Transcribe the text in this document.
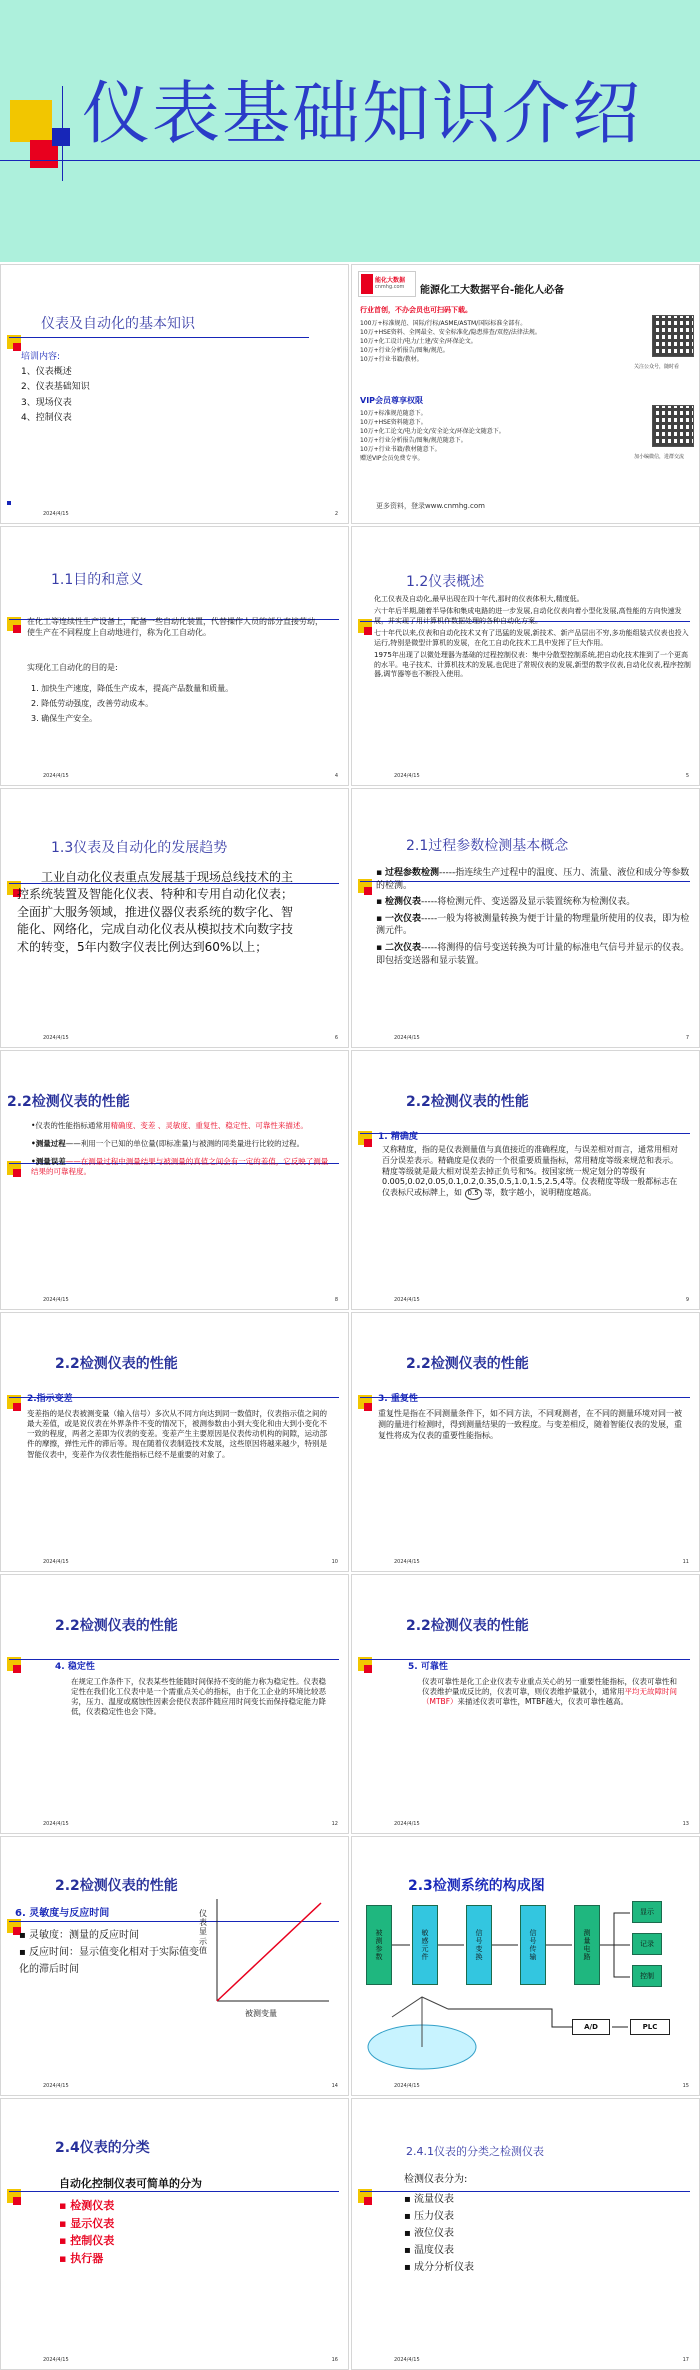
仪表基础知识介绍
仪表及自动化的基本知识
培训内容:
1、仪表概述
2、仪表基础知识
3、现场仪表
4、控制仪表
2024/4/15	2
能化大数据
cnmhg.com 能源化工大数据平台-能化人必备
行业首创，不办会员也可扫码下载。
100万+标准规范、国际/行标/ASME/ASTM/国际标准全部有。
10万+HSE资料、全网最全、安全标准化/隐患排查/双控/法律法规。
10万+化工设计/电力/土建/安全/环保论文。
10万+行业分析报告/图集/规范。
10万+行业书籍/教材。
VIP会员尊享权限
10万+标准规范随意下。
10万+HSE资料随意下。
10万+化工论文/电力论文/安全论文/环保论文随意下。
10万+行业分析报告/图集/规范随意下。
10万+行业书籍/教材随意下。
赠送VIP会员免费专享。
更多资料，登录www.cnmhg.com
关注公众号，随时看
加小编微信，进群交流
1.1目的和意义
在化工等连续性生产设备上，配备一些自动化装置，代替操作人员的部分直接劳动，使生产在不同程度上自动地进行，称为化工自动化。
实现化工自动化的目的是:
1. 加快生产速度，降低生产成本，提高产品数量和质量。
2. 降低劳动强度，改善劳动成本。
3. 确保生产安全。
2024/4/15	4
1.2仪表概述
化工仪表及自动化,最早出现在四十年代,那时的仪表体积大,精度低。
六十年后半期,随着半导体和集成电路的进一步发展,自动化仪表向着小型化发展,高性能的方向快速发展，并实现了用计算机作数据处理的各种自动化方案。
七十年代以来,仪表和自动化技术又有了迅猛的发展,新技术、新产品层出不穷,多功能组装式仪表也投入运行,特别是微型计算机的发展，在化工自动化技术工具中发挥了巨大作用。
1975年出现了以微处理器为基础的过程控制仪表：集中分散型控制系统,把自动化技术推到了一个更高的水平。电子技术、计算机技术的发展,也促进了常规仪表的发展,新型的数字仪表,自动化仪表,程序控制器,调节器等也不断投入使用。
2024/4/15	5
1.3仪表及自动化的发展趋势
工业自动化仪表重点发展基于现场总线技术的主控系统装置及智能化仪表、特种和专用自动化仪表；全面扩大服务领域，推进仪器仪表系统的数字化、智能化、网络化，完成自动化仪表从模拟技术向数字技术的转变，5年内数字仪表比例达到60%以上；
2024/4/15	6
2.1过程参数检测基本概念
▪ 过程参数检测-----指连续生产过程中的温度、压力、流量、液位和成分等参数的检测。
▪ 检测仪表-----将检测元件、变送器及显示装置统称为检测仪表。
▪ 一次仪表-----一般为将被测量转换为便于计量的物理量所使用的仪表，即为检测元件。
▪ 二次仪表-----将测得的信号变送转换为可计量的标准电气信号并显示的仪表。即包括变送器和显示装置。
2024/4/15	7
2.2检测仪表的性能
•仪表的性能指标通常用精确度、变差 、灵敏度、重复性、稳定性、可靠性来描述。
•测量过程——利用一个已知的单位量(即标准量)与被测的同类量进行比较的过程。
•测量误差——在测量过程中测量结果与被测量的真值之间会有一定的差值，它反映了测量结果的可靠程度。
2024/4/15	8
2.2检测仪表的性能
1. 精确度
又称精度，指的是仪表测量值与真值接近的准确程度，与误差相对而言，通常用相对百分误差表示。精确度是仪表的一个很重要质量指标，常用精度等级来规范和表示。精度等级就是最大相对误差去掉正负号和%。按国家统一规定划分的等级有0.005,0.02,0.05,0.1,0.2,0.35,0.5,1.0,1.5,2.5,4等。仪表精度等级一般都标志在仪表标尺或标牌上，如 0.5 等，数字越小，说明精度越高。
2024/4/15	9
2.2检测仪表的性能
2.指示变差
变差指的是仪表被测变量（输入信号）多次从不同方向达到同一数值时，仪表指示值之间的最大差值，或是说仪表在外界条件不变的情况下，被测参数由小到大变化和由大到小变化不一致的程度，两者之差即为仪表的变差。变差产生主要原因是仪表传动机构的间隙，运动部件的摩擦，弹性元件的滞后等。现在随着仪表制造技术发展，这些原因将越来越少，特别是智能仪表中，变差作为仪表性能指标已经不是重要的对象了。
2024/4/15	10
2.2检测仪表的性能
3. 重复性
重复性是指在不同测量条件下，如不同方法，不同观测者，在不同的测量环境对同一被测的量进行检测时，得到测量结果的一致程度。与变差相反，随着智能仪表的发展，重复性将成为仪表的重要性能指标。
2024/4/15	11
2.2检测仪表的性能
4. 稳定性
在规定工作条件下，仪表某些性能随时间保持不变的能力称为稳定性。仪表稳定性在我们化工仪表中是一个需重点关心的指标，由于化工企业的环境比较恶劣，压力、温度或腐蚀性因素会使仪表部件随应用时间变长而保持稳定能力降低，仪表稳定性也会下降。
2024/4/15	12
2.2检测仪表的性能
5. 可靠性
仪表可靠性是化工企业仪表专业重点关心的另一重要性能指标，仪表可靠性和仪表维护量成反比的，仪表可靠，则仪表维护量就小，通常用平均无故障时间（MTBF）来描述仪表可靠性，MTBF越大，仪表可靠性越高。
2024/4/15	13
2.2检测仪表的性能
6. 灵敏度与反应时间
▪ 灵敏度：测量的反应时间
▪ 反应时间：显示值变化相对于实际值变化的滞后时间
仪表显示值
被测变量
2024/4/15	14
2.3检测系统的构成图
被测参数	敏感元件	信号变换	信号传输	测量电路
显示
记录
控制
A/D	PLC
2024/4/15	15
2.4仪表的分类
自动化控制仪表可简单的分为
▪ 检测仪表
▪ 显示仪表
▪ 控制仪表
▪ 执行器
2024/4/15	16
2.4.1仪表的分类之检测仪表
检测仪表分为:
▪ 流量仪表
▪ 压力仪表
▪ 液位仪表
▪ 温度仪表
▪ 成分分析仪表
2024/4/15	17
